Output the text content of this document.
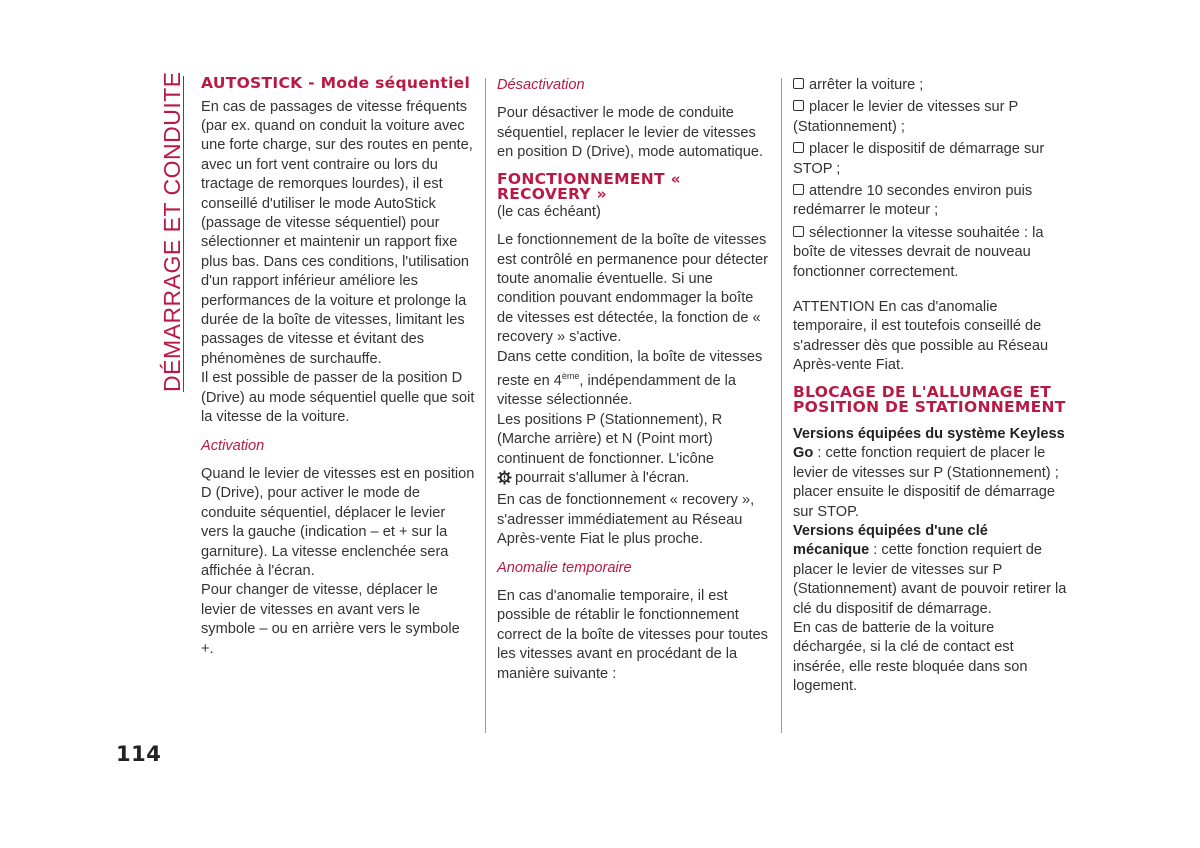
DÉMARRAGE ET CONDUITE
114
AUTOSTICK - Mode séquentiel

En cas de passages de vitesse fréquents (par ex. quand on conduit la voiture avec une forte charge, sur des routes en pente, avec un fort vent contraire ou lors du tractage de remorques lourdes), il est conseillé d'utiliser le mode AutoStick (passage de vitesse séquentiel) pour sélectionner et maintenir un rapport fixe plus bas. Dans ces conditions, l'utilisation d'un rapport inférieur améliore les performances de la voiture et prolonge la durée de la boîte de vitesses, limitant les passages de vitesse et évitant des phénomènes de surchauffe.

Il est possible de passer de la position D (Drive) au mode séquentiel quelle que soit la vitesse de la voiture.

Activation

Quand le levier de vitesses est en position D (Drive), pour activer le mode de conduite séquentiel, déplacer le levier vers la gauche (indication – et + sur la garniture). La vitesse enclenchée sera affichée à l'écran.

Pour changer de vitesse, déplacer le levier de vitesses en avant vers le symbole – ou en arrière vers le symbole +.

Désactivation

Pour désactiver le mode de conduite séquentiel, replacer le levier de vitesses en position D (Drive), mode automatique.

FONCTIONNEMENT « RECOVERY »

(le cas échéant)

Le fonctionnement de la boîte de vitesses est contrôlé en permanence pour détecter toute anomalie éventuelle. Si une condition pouvant endommager la boîte de vitesses est détectée, la fonction de « recovery » s'active.

Dans cette condition, la boîte de vitesses reste en 4ème, indépendamment de la vitesse sélectionnée.

Les positions P (Stationnement), R (Marche arrière) et N (Point mort) continuent de fonctionner. L'icône
pourrait s'allumer à l'écran.

En cas de fonctionnement « recovery », s'adresser immédiatement au Réseau Après-vente Fiat le plus proche.

Anomalie temporaire

En cas d'anomalie temporaire, il est possible de rétablir le fonctionnement correct de la boîte de vitesses pour toutes les vitesses avant en procédant de la manière suivante :

arrêter la voiture ;

placer le levier de vitesses sur P (Stationnement) ;

placer le dispositif de démarrage sur STOP ;

attendre 10 secondes environ puis redémarrer le moteur ;

sélectionner la vitesse souhaitée : la boîte de vitesses devrait de nouveau fonctionner correctement.

ATTENTION En cas d'anomalie temporaire, il est toutefois conseillé de s'adresser dès que possible au Réseau Après-vente Fiat.

BLOCAGE DE L'ALLUMAGE ET POSITION DE STATIONNEMENT

Versions équipées du système Keyless Go : cette fonction requiert de placer le levier de vitesses sur P (Stationnement) ; placer ensuite le dispositif de démarrage sur STOP.

Versions équipées d'une clé mécanique : cette fonction requiert de placer le levier de vitesses sur P (Stationnement) avant de pouvoir retirer la clé du dispositif de démarrage.

En cas de batterie de la voiture déchargée, si la clé de contact est insérée, elle reste bloquée dans son logement.
